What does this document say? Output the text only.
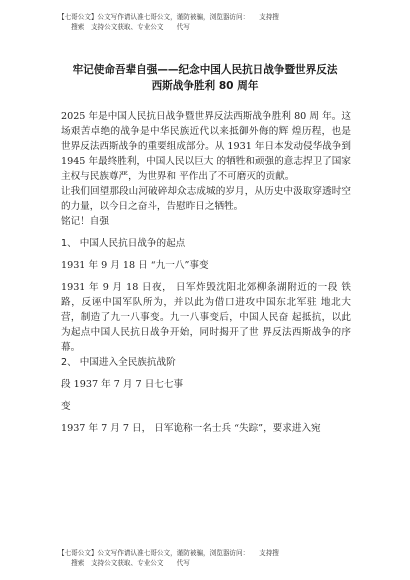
【七哥公文】公文写作请认准七哥公文，谨防被骗，浏览器访问：　　支持搜
　　搜索　支持公文获取、专业公文　　代写
牢记使命吾辈自强——纪念中国人民抗日战争暨世界反法
西斯战争胜利 80 周年

2025 年是中国人民抗日战争暨世界反法西斯战争胜利 80 周 年。这场艰苦卓绝的战争是中华民族近代以来抵御外侮的辉 煌历程，也是世界反法西斯战争的重要组成部分。从 1931 年日本发动侵华战争到 1945 年最终胜利，中国人民以巨大 的牺牲和顽强的意志捍卫了国家主权与民族尊严，为世界和 平作出了不可磨灭的贡献。

让我们回望那段山河破碎却众志成城的岁月，从历史中汲取穿透时空的力量，以今日之奋斗，告慰昨日之牺牲。

铭记！自强

1、 中国人民抗日战争的起点

1931 年 9 月 18 日 “九一八”事变

1931 年 9 月 18 日夜， 日军炸毁沈阳北郊柳条湖附近的一段 铁路，反诬中国军队所为，并以此为借口进攻中国东北军驻 地北大营，制造了九一八事变。九一八事变后，中国人民奋 起抵抗，以此为起点中国人民抗日战争开始，同时揭开了世 界反法西斯战争的序幕。

2、 中国进入全民族抗战阶

段 1937 年 7 月 7 日七七事

变

1937 年 7 月 7 日， 日军诡称一名士兵 “失踪”，要求进入宛

【七哥公文】公文写作请认准七哥公文，谨防被骗，浏览器访问：　　支持搜
　　搜索　支持公文获取、专业公文　　代写
